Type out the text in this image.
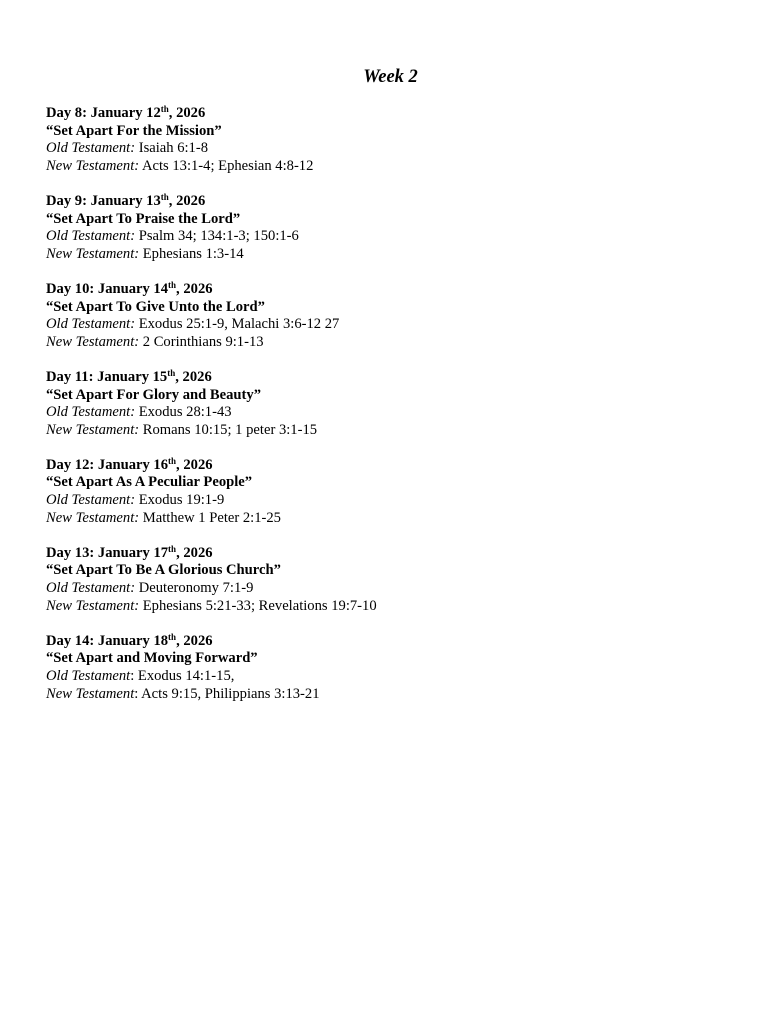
Week 2
Day 8: January 12th, 2026
“Set Apart For the Mission”
Old Testament: Isaiah 6:1-8
New Testament: Acts 13:1-4; Ephesian 4:8-12
Day 9: January 13th, 2026
“Set Apart To Praise the Lord”
Old Testament: Psalm 34; 134:1-3; 150:1-6
New Testament: Ephesians 1:3-14
Day 10: January 14th, 2026
“Set Apart To Give Unto the Lord”
Old Testament: Exodus 25:1-9, Malachi 3:6-12 27
New Testament: 2 Corinthians 9:1-13
Day 11: January 15th, 2026
“Set Apart For Glory and Beauty”
Old Testament: Exodus 28:1-43
New Testament: Romans 10:15; 1 peter 3:1-15
Day 12: January 16th, 2026
“Set Apart As A Peculiar People”
Old Testament: Exodus 19:1-9
New Testament: Matthew 1 Peter 2:1-25
Day 13: January 17th, 2026
“Set Apart To Be A Glorious Church”
Old Testament: Deuteronomy 7:1-9
New Testament: Ephesians 5:21-33; Revelations 19:7-10
Day 14: January 18th, 2026
“Set Apart and Moving Forward”
Old Testament: Exodus 14:1-15,
New Testament: Acts 9:15, Philippians 3:13-21
